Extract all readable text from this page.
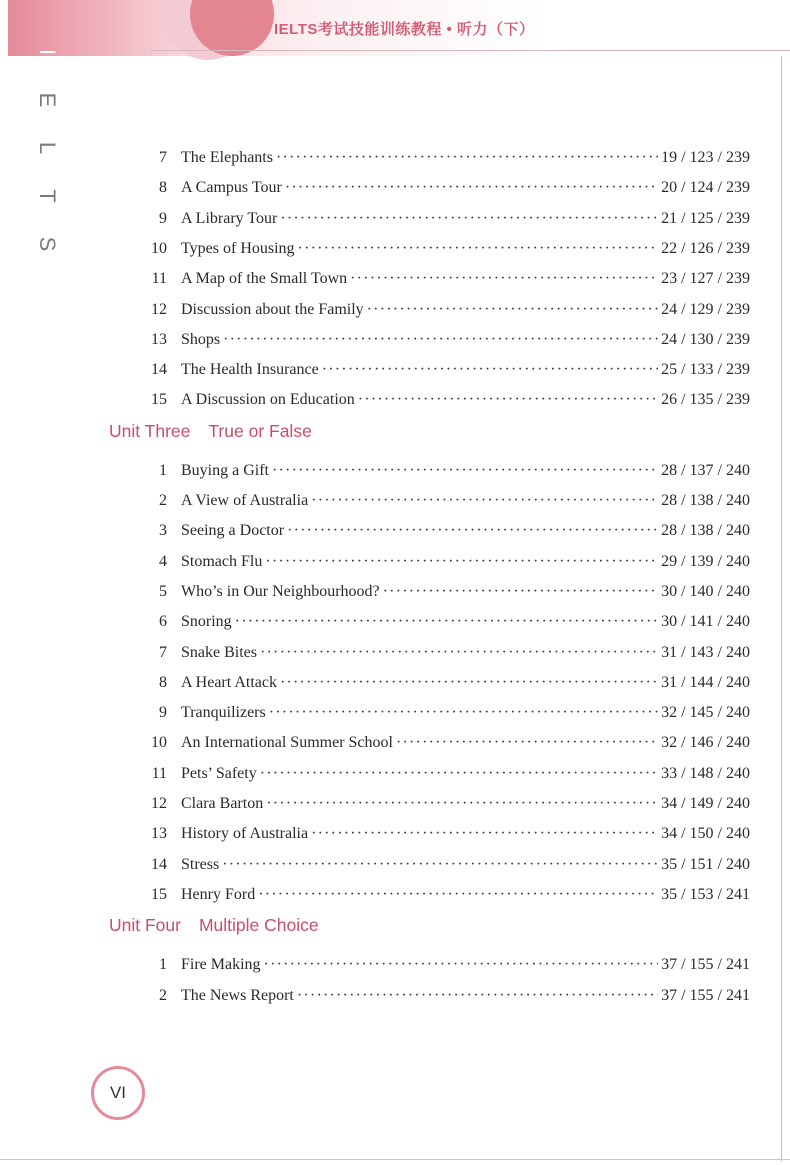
IELTS考试技能训练教程 • 听力（下）
I
E
L
T
S
7 The Elephants ·····	19 / 123 / 239
8 A Campus Tour ·····	20 / 124 / 239
9 A Library Tour ·····	21 / 125 / 239
10 Types of Housing ·····	22 / 126 / 239
11 A Map of the Small Town ·····	23 / 127 / 239
12 Discussion about the Family ·····	24 / 129 / 239
13 Shops ·····	24 / 130 / 239
14 The Health Insurance ·····	25 / 133 / 239
15 A Discussion on Education ·····	26 / 135 / 239
Unit Three True or False
1 Buying a Gift ·····	28 / 137 / 240
2 A View of Australia ·····	28 / 138 / 240
3 Seeing a Doctor ·····	28 / 138 / 240
4 Stomach Flu ·····	29 / 139 / 240
5 Who’s in Our Neighbourhood? ·····	30 / 140 / 240
6 Snoring ·····	30 / 141 / 240
7 Snake Bites ·····	31 / 143 / 240
8 A Heart Attack ·····	31 / 144 / 240
9 Tranquilizers ·····	32 / 145 / 240
10 An International Summer School ·····	32 / 146 / 240
11 Pets’ Safety ·····	33 / 148 / 240
12 Clara Barton ·····	34 / 149 / 240
13 History of Australia ·····	34 / 150 / 240
14 Stress ·····	35 / 151 / 240
15 Henry Ford ·····	35 / 153 / 241
Unit Four Multiple Choice
1 Fire Making ·····	37 / 155 / 241
2 The News Report ·····	37 / 155 / 241
VI
